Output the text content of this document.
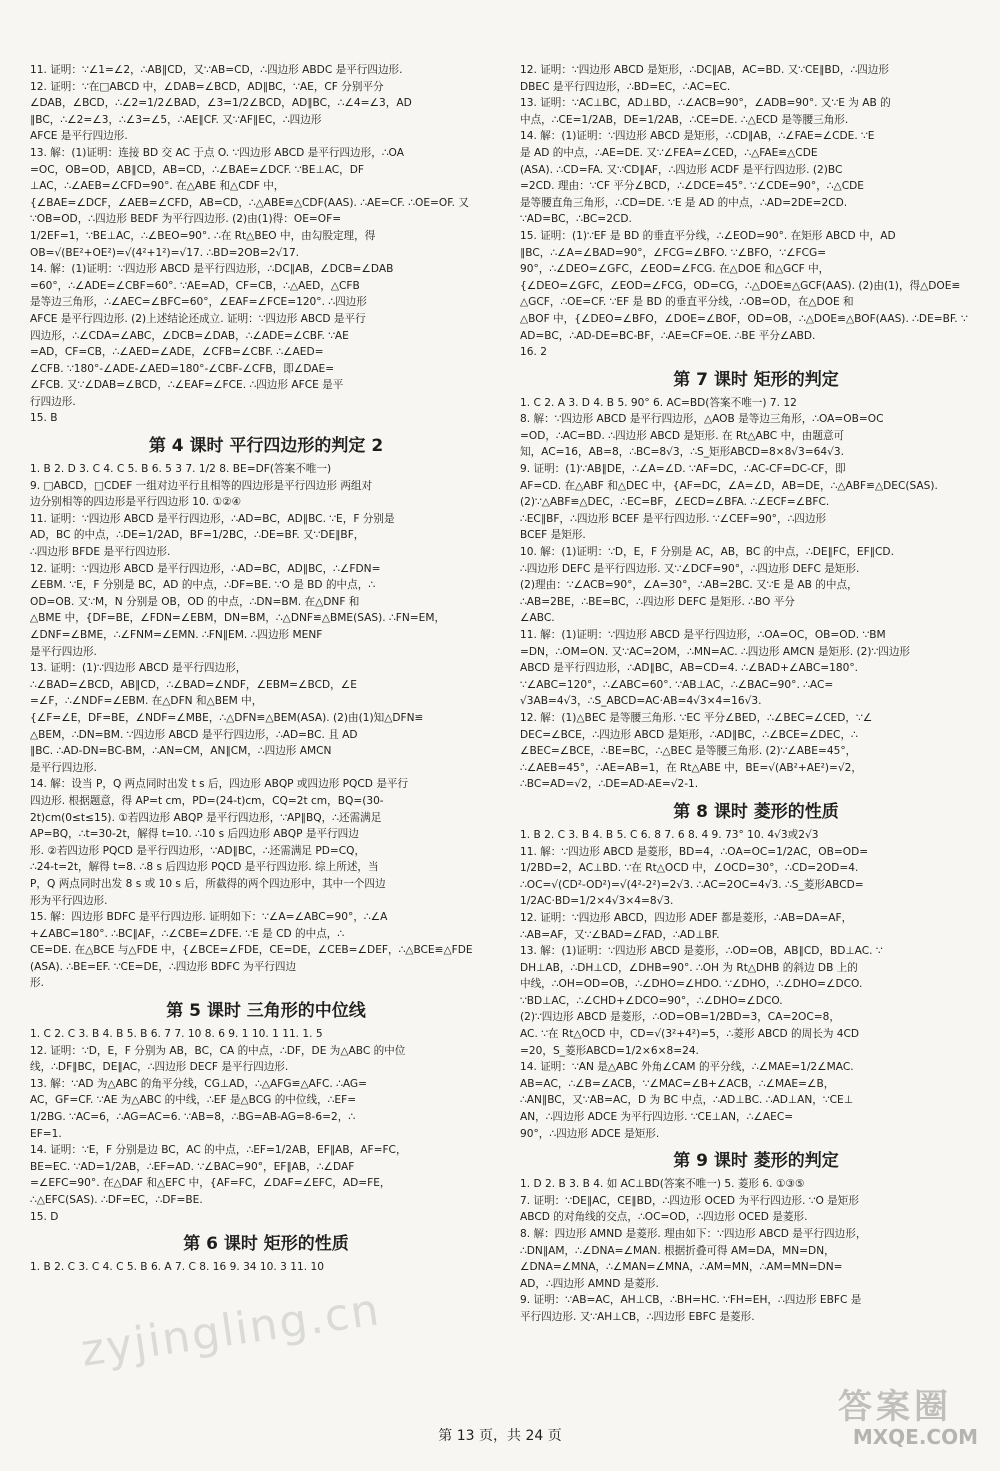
11. 证明：∵∠1=∠2，∴AB∥CD，又∵AB=CD，∴四边形 ABDC 是平行四边形.
12. 证明：∵在□ABCD 中，∠DAB=∠BCD，AD∥BC，∵AE，CF 分别平分
∠DAB，∠BCD，∴∠2=1/2∠BAD，∠3=1/2∠BCD，AD∥BC，∴∠4=∠3，AD
∥BC，∴∠2=∠3，∴∠3=∠5，∴AE∥CF. 又∵AF∥EC，∴四边形
AFCE 是平行四边形.
13. 解：(1)证明：连接 BD 交 AC 于点 O. ∵四边形 ABCD 是平行四边形，∴OA
=OC，OB=OD，AB∥CD，AB=CD，∴∠BAE=∠DCF. ∵BE⊥AC，DF
⊥AC，∴∠AEB=∠CFD=90°. 在△ABE 和△CDF 中，
{∠BAE=∠DCF，∠AEB=∠CFD，AB=CD，∴△ABE≌△CDF(AAS). ∴AE=CF. ∴OE=OF. 又
∵OB=OD，∴四边形 BEDF 为平行四边形. (2)由(1)得：OE=OF=
1/2EF=1，∵BE⊥AC，∴∠BEO=90°. ∴在 Rt△BEO 中，由勾股定理，得
OB=√(BE²+OE²)=√(4²+1²)=√17. ∴BD=2OB=2√17.
14. 解：(1)证明：∵四边形 ABCD 是平行四边形，∴DC∥AB，∠DCB=∠DAB
=60°，∴∠ADE=∠CBF=60°. ∵AE=AD，CF=CB，∴△AED，△CFB
是等边三角形，∴∠AEC=∠BFC=60°，∠EAF=∠FCE=120°. ∴四边形
AFCE 是平行四边形. (2)上述结论还成立. 证明：∵四边形 ABCD 是平行
四边形，∴∠CDA=∠ABC，∠DCB=∠DAB，∴∠ADE=∠CBF. ∵AE
=AD，CF=CB，∴∠AED=∠ADE，∠CFB=∠CBF. ∴∠AED=
∠CFB. ∵180°-∠ADE-∠AED=180°-∠CBF-∠CFB，即∠DAE=
∠FCB. 又∵∠DAB=∠BCD，∴∠EAF=∠FCE. ∴四边形 AFCE 是平
行四边形.
15. B
第 4 课时 平行四边形的判定 2
1. B 2. D 3. C 4. C 5. B 6. 5 3 7. 1/2 8. BE=DF(答案不唯一)
9. □ABCD，□CDEF 一组对边平行且相等的四边形是平行四边形 两组对
边分别相等的四边形是平行四边形 10. ①②④
11. 证明：∵四边形 ABCD 是平行四边形，∴AD=BC，AD∥BC. ∵E，F 分别是
AD，BC 的中点，∴DE=1/2AD，BF=1/2BC，∴DE=BF. 又∵DE∥BF，
∴四边形 BFDE 是平行四边形.
12. 证明：∵四边形 ABCD 是平行四边形，∴AD=BC，AD∥BC，∴∠FDN=
∠EBM. ∵E，F 分别是 BC，AD 的中点，∴DF=BE. ∵O 是 BD 的中点，∴
OD=OB. 又∵M，N 分别是 OB，OD 的中点，∴DN=BM. 在△DNF 和
△BME 中，{DF=BE，∠FDN=∠EBM，DN=BM，∴△DNF≌△BME(SAS). ∴FN=EM，
∠DNF=∠BME，∴∠FNM=∠EMN. ∴FN∥EM. ∴四边形 MENF
是平行四边形.
13. 证明：(1)∵四边形 ABCD 是平行四边形，
∴∠BAD=∠BCD，AB∥CD，∴∠BAD=∠NDF，∠EBM=∠BCD，∠E
=∠F，∴∠NDF=∠EBM. 在△DFN 和△BEM 中，
{∠F=∠E，DF=BE，∠NDF=∠MBE，∴△DFN≌△BEM(ASA). (2)由(1)知△DFN≌
△BEM，∴DN=BM. ∵四边形 ABCD 是平行四边形，∴AD=BC. 且 AD
∥BC. ∴AD-DN=BC-BM，∴AN=CM，AN∥CM，∴四边形 AMCN
是平行四边形.
14. 解：设当 P，Q 两点同时出发 t s 后，四边形 ABQP 或四边形 PQCD 是平行
四边形. 根据题意，得 AP=t cm，PD=(24-t)cm，CQ=2t cm，BQ=(30-
2t)cm(0≤t≤15). ①若四边形 ABQP 是平行四边形，∵AP∥BQ，∴还需满足
AP=BQ，∴t=30-2t，解得 t=10. ∴10 s 后四边形 ABQP 是平行四边
形. ②若四边形 PQCD 是平行四边形，∵AD∥BC，∴还需满足 PD=CQ，
∴24-t=2t，解得 t=8. ∴8 s 后四边形 PQCD 是平行四边形. 综上所述，当
P，Q 两点同时出发 8 s 或 10 s 后，所截得的两个四边形中，其中一个四边
形为平行四边形.
15. 解：四边形 BDFC 是平行四边形. 证明如下：∵∠A=∠ABC=90°，∴∠A
+∠ABC=180°. ∴BC∥AF，∴∠CBE=∠DFE. ∵E 是 CD 的中点，∴
CE=DE. 在△BCE 与△FDE 中，{∠BCE=∠FDE，CE=DE，∠CEB=∠DEF，∴△BCE≌△FDE
(ASA). ∴BE=EF. ∵CE=DE，∴四边形 BDFC 为平行四边
形.
第 5 课时 三角形的中位线
1. C 2. C 3. B 4. B 5. B 6. 7 7. 10 8. 6 9. 1 10. 1 11. 1. 5
12. 证明：∵D，E，F 分别为 AB，BC，CA 的中点，∴DF，DE 为△ABC 的中位
线，∴DF∥BC，DE∥AC，∴四边形 DECF 是平行四边形.
13. 解：∵AD 为△ABC 的角平分线，CG⊥AD，∴△AFG≌△AFC. ∴AG=
AC，GF=CF. ∵AE 为△ABC 的中线，∴EF 是△BCG 的中位线，∴EF=
1/2BG. ∵AC=6，∴AG=AC=6. ∵AB=8，∴BG=AB-AG=8-6=2，∴
EF=1.
14. 证明：∵E，F 分别是边 BC，AC 的中点，∴EF=1/2AB，EF∥AB，AF=FC，
BE=EC. ∵AD=1/2AB，∴EF=AD. ∵∠BAC=90°，EF∥AB，∴∠DAF
=∠EFC=90°. 在△DAF 和△EFC 中，{AF=FC，∠DAF=∠EFC，AD=FE，
∴△EFC(SAS). ∴DF=EC，∴DF=BE.
15. D
第 6 课时 矩形的性质
1. B 2. C 3. C 4. C 5. B 6. A 7. C 8. 16 9. 34 10. 3 11. 10
12. 证明：∵四边形 ABCD 是矩形，∴DC∥AB，AC=BD. 又∵CE∥BD，∴四边形
DBEC 是平行四边形，∴BD=EC，∴AC=EC.
13. 证明：∵AC⊥BC，AD⊥BD，∴∠ACB=90°，∠ADB=90°. 又∵E 为 AB 的
中点，∴CE=1/2AB，DE=1/2AB，∴CE=DE. ∴△ECD 是等腰三角形.
14. 解：(1)证明：∵四边形 ABCD 是矩形，∴CD∥AB，∴∠FAE=∠CDE. ∵E
是 AD 的中点，∴AE=DE. 又∵∠FEA=∠CED，∴△FAE≌△CDE
(ASA). ∴CD=FA. 又∵CD∥AF，∴四边形 ACDF 是平行四边形. (2)BC
=2CD. 理由：∵CF 平分∠BCD，∴∠DCE=45°. ∵∠CDE=90°，∴△CDE
是等腰直角三角形，∴CD=DE. ∵E 是 AD 的中点，∴AD=2DE=2CD.
∵AD=BC，∴BC=2CD.
15. 证明：(1)∵EF 是 BD 的垂直平分线，∴∠EOD=90°. 在矩形 ABCD 中，AD
∥BC，∴∠A=∠BAD=90°，∠FCG=∠BFO. ∵∠BFO，∵∠FCG=
90°，∴∠DEO=∠GFC，∠EOD=∠FCG. 在△DOE 和△GCF 中，
{∠DEO=∠GFC，∠EOD=∠FCG，OD=CG，∴△DOE≌△GCF(AAS). (2)由(1)，得△DOE≌
△GCF，∴OE=CF. ∵EF 是 BD 的垂直平分线，∴OB=OD，在△DOE 和
△BOF 中，{∠DEO=∠BFO，∠DOE=∠BOF，OD=OB，∴△DOE≌△BOF(AAS). ∴DE=BF. ∵
AD=BC，∴AD-DE=BC-BF，∴AE=CF=OE. ∴BE 平分∠ABD.
16. 2
第 7 课时 矩形的判定
1. C 2. A 3. D 4. B 5. 90° 6. AC=BD(答案不唯一) 7. 12
8. 解：∵四边形 ABCD 是平行四边形，△AOB 是等边三角形，∴OA=OB=OC
=OD，∴AC=BD. ∴四边形 ABCD 是矩形. 在 Rt△ABC 中，由题意可
知，AC=16，AB=8，∴BC=8√3，∴S_矩形ABCD=8×8√3=64√3.
9. 证明：(1)∵AB∥DE，∴∠A=∠D. ∵AF=DC，∴AC-CF=DC-CF，即
AF=CD. 在△ABF 和△DEC 中，{AF=DC，∠A=∠D，AB=DE，∴△ABF≌△DEC(SAS).
(2)∵△ABF≌△DEC，∴EC=BF，∠ECD=∠BFA. ∴∠ECF=∠BFC.
∴EC∥BF，∴四边形 BCEF 是平行四边形. ∵∠CEF=90°，∴四边形
BCEF 是矩形.
10. 解：(1)证明：∵D，E，F 分别是 AC，AB，BC 的中点，∴DE∥FC，EF∥CD.
∴四边形 DEFC 是平行四边形. 又∵∠DCF=90°，∴四边形 DEFC 是矩形.
(2)理由：∵∠ACB=90°，∠A=30°，∴AB=2BC. 又∵E 是 AB 的中点，
∴AB=2BE，∴BE=BC，∴四边形 DEFC 是矩形. ∴BO 平分
∠ABC.
11. 解：(1)证明：∵四边形 ABCD 是平行四边形，∴OA=OC，OB=OD. ∵BM
=DN，∴OM=ON. 又∵AC=2OM，∴MN=AC. ∴四边形 AMCN 是矩形. (2)∵四边形
ABCD 是平行四边形，∴AD∥BC，AB=CD=4. ∴∠BAD+∠ABC=180°.
∵∠ABC=120°，∴∠ABC=60°. ∵AB⊥AC，∴∠BAC=90°. ∴AC=
√3AB=4√3，∴S_ABCD=AC·AB=4√3×4=16√3.
12. 解：(1)△BEC 是等腰三角形. ∵EC 平分∠BED，∴∠BEC=∠CED，∵∠
DEC=∠BCE，∴四边形 ABCD 是矩形，∴AD∥BC，∴∠BCE=∠DEC，∴
∠BEC=∠BCE，∴BE=BC，∴△BEC 是等腰三角形. (2)∵∠ABE=45°，
∴∠AEB=45°，∴AE=AB=1，在 Rt△ABE 中，BE=√(AB²+AE²)=√2，
∴BC=AD=√2，∴DE=AD-AE=√2-1.
第 8 课时 菱形的性质
1. B 2. C 3. B 4. B 5. C 6. 8 7. 6 8. 4 9. 73° 10. 4√3或2√3
11. 解：∵四边形 ABCD 是菱形，BD=4，∴OA=OC=1/2AC，OB=OD=
1/2BD=2，AC⊥BD. ∵在 Rt△OCD 中，∠OCD=30°，∴CD=2OD=4.
∴OC=√(CD²-OD²)=√(4²-2²)=2√3. ∴AC=2OC=4√3. ∴S_菱形ABCD=
1/2AC·BD=1/2×4√3×4=8√3.
12. 证明：∵四边形 ABCD，四边形 ADEF 都是菱形，∴AB=DA=AF，
∴AB=AF，又∵∠BAD=∠FAD，∴AD⊥BF.
13. 解：(1)证明：∵四边形 ABCD 是菱形，∴OD=OB，AB∥CD，BD⊥AC. ∵
DH⊥AB，∴DH⊥CD，∠DHB=90°. ∴OH 为 Rt△DHB 的斜边 DB 上的
中线，∴OH=OD=OB，∴∠DHO=∠HDO. ∵∠DHO，∴∠DHO=∠DCO.
∵BD⊥AC，∴∠CHD+∠DCO=90°，∴∠DHO=∠DCO.
(2)∵四边形 ABCD 是菱形，∴OD=OB=1/2BD=3，CA=2OC=8，
AC. ∵在 Rt△OCD 中，CD=√(3²+4²)=5，∴菱形 ABCD 的周长为 4CD
=20，S_菱形ABCD=1/2×6×8=24.
14. 证明：∵AN 是△ABC 外角∠CAM 的平分线，∴∠MAE=1/2∠MAC.
AB=AC，∴∠B=∠ACB，∵∠MAC=∠B+∠ACB，∴∠MAE=∠B，
∴AN∥BC，又∵AB=AC，D 为 BC 中点，∴AD⊥BC. ∴AD⊥AN，∵CE⊥
AN，∴四边形 ADCE 为平行四边形. ∵CE⊥AN，∴∠AEC=
90°，∴四边形 ADCE 是矩形.
第 9 课时 菱形的判定
1. D 2. B 3. B 4. 如 AC⊥BD(答案不唯一) 5. 菱形 6. ①③⑤
7. 证明：∵DE∥AC，CE∥BD，∴四边形 OCED 为平行四边形. ∵O 是矩形
ABCD 的对角线的交点，∴OC=OD，∴四边形 OCED 是菱形.
8. 解：四边形 AMND 是菱形. 理由如下：∵四边形 ABCD 是平行四边形，
∴DN∥AM，∴∠DNA=∠MAN. 根据折叠可得 AM=DA，MN=DN，
∠DNA=∠MNA，∴∠MAN=∠MNA，∴AM=MN，∴AM=MN=DN=
AD，∴四边形 AMND 是菱形.
9. 证明：∵AB=AC，AH⊥CB，∴BH=HC. ∵FH=EH，∴四边形 EBFC 是
平行四边形. 又∵AH⊥CB，∴四边形 EBFC 是菱形.
zyjingling.cn
答案圈
MXQE.COM
第 13 页，共 24 页
